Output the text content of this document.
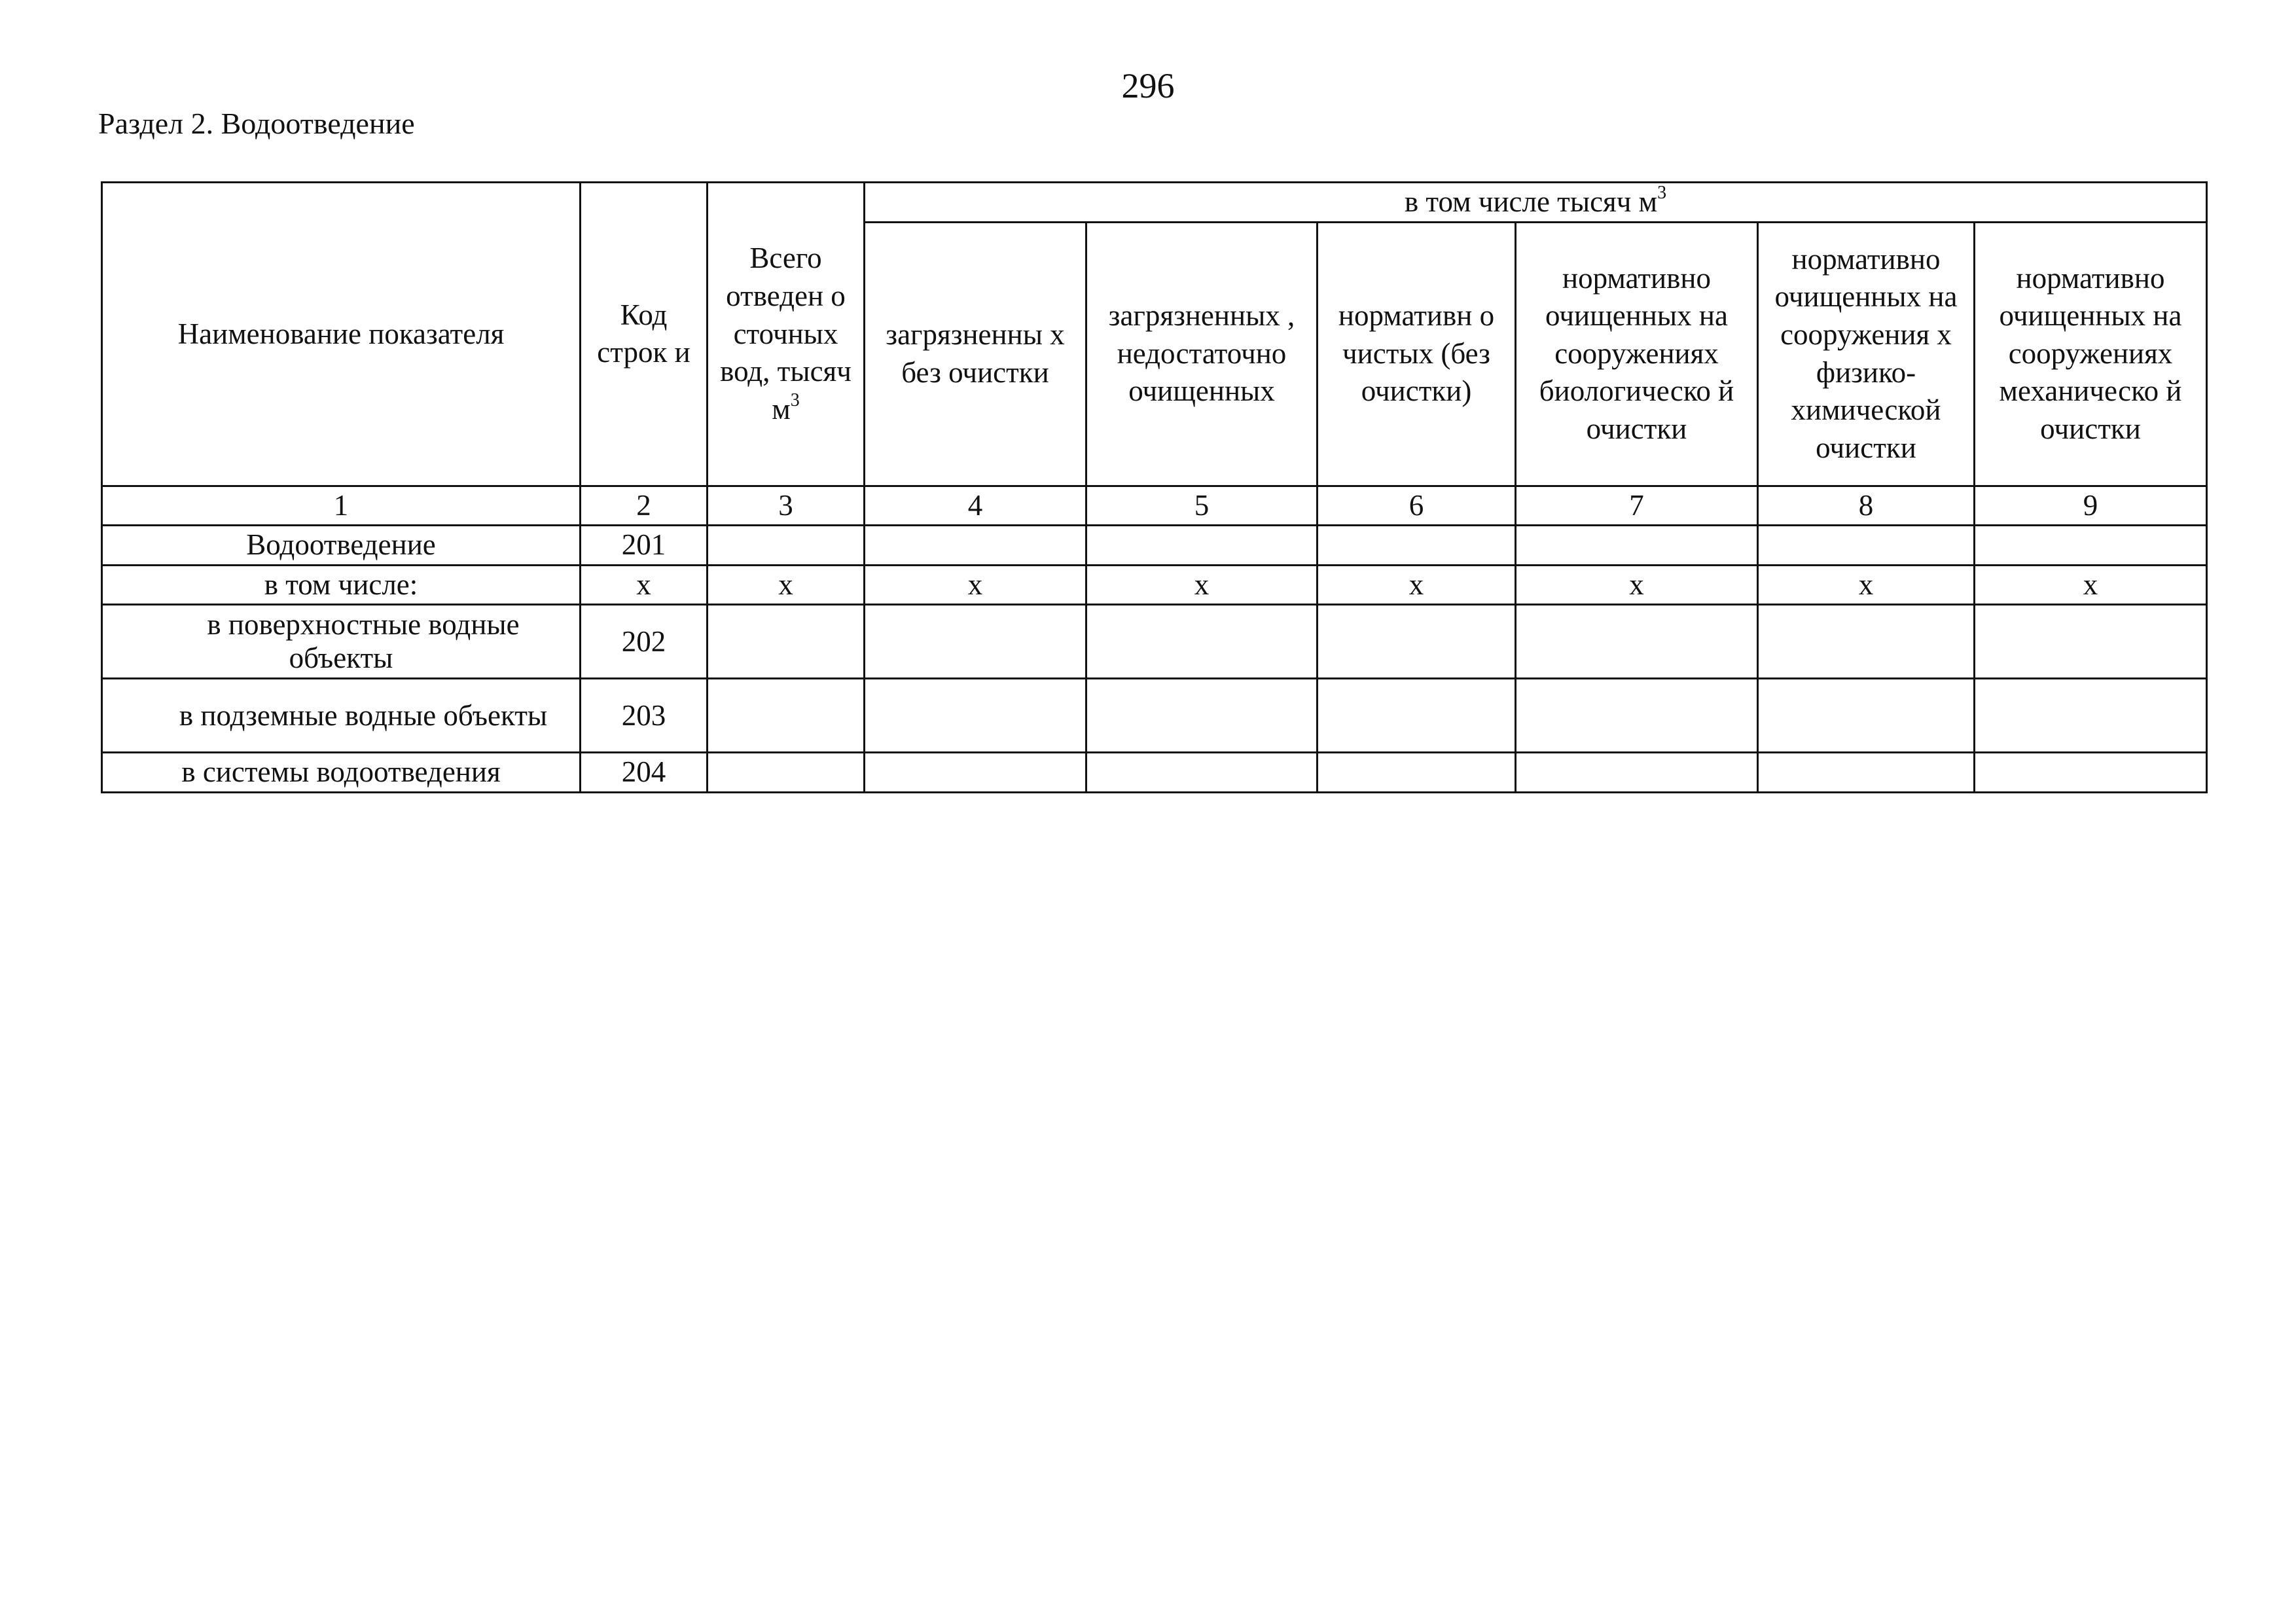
296
Раздел 2. Водоотведение
Наименование показателя	Код строк и	Всего отведен о сточных вод, тысяч $м^3$	в том числе тысяч $м^3$
			загрязненны х без очистки	загрязненных , недостаточно очищенных	нормативн о чистых (без очистки)	нормативно очищенных на сооружениях биологическо й очистки	нормативно очищенных на сооружения х физико-химической очистки	нормативно очищенных на сооружениях механическо й очистки
1	2	3	4	5	6	7	8	9
Водоотведение	201							
в том числе:	x	x	x	x	x	x	x	x
в поверхностные водные объекты	202							
в подземные водные объекты	203							
в системы водоотведения	204							
